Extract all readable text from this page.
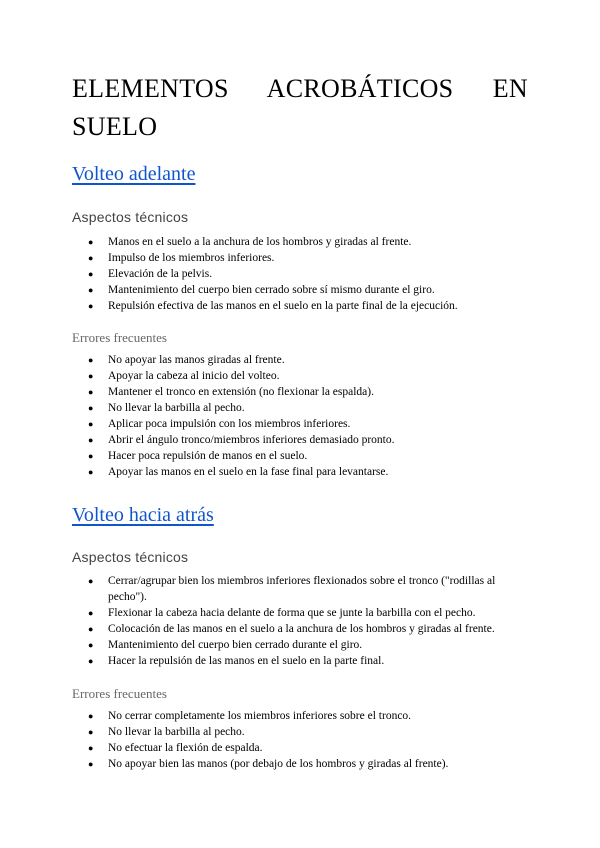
ELEMENTOS ACROBÁTICOS EN SUELO
Volteo adelante
Aspectos técnicos
● Manos en el suelo a la anchura de los hombros y giradas al frente.
● Impulso de los miembros inferiores.
● Elevación de la pelvis.
● Mantenimiento del cuerpo bien cerrado sobre sí mismo durante el giro.
● Repulsión efectiva de las manos en el suelo en la parte final de la ejecución.
Errores frecuentes
● No apoyar las manos giradas al frente.
● Apoyar la cabeza al inicio del volteo.
● Mantener el tronco en extensión (no flexionar la espalda).
● No llevar la barbilla al pecho.
● Aplicar poca impulsión con los miembros inferiores.
● Abrir el ángulo tronco/miembros inferiores demasiado pronto.
● Hacer poca repulsión de manos en el suelo.
● Apoyar las manos en el suelo en la fase final para levantarse.
Volteo hacia atrás
Aspectos técnicos
● Cerrar/agrupar bien los miembros inferiores flexionados sobre el tronco ("rodillas al pecho").
● Flexionar la cabeza hacia delante de forma que se junte la barbilla con el pecho.
● Colocación de las manos en el suelo a la anchura de los hombros y giradas al frente.
● Mantenimiento del cuerpo bien cerrado durante el giro.
● Hacer la repulsión de las manos en el suelo en la parte final.
Errores frecuentes
● No cerrar completamente los miembros inferiores sobre el tronco.
● No llevar la barbilla al pecho.
● No efectuar la flexión de espalda.
● No apoyar bien las manos (por debajo de los hombros y giradas al frente).
